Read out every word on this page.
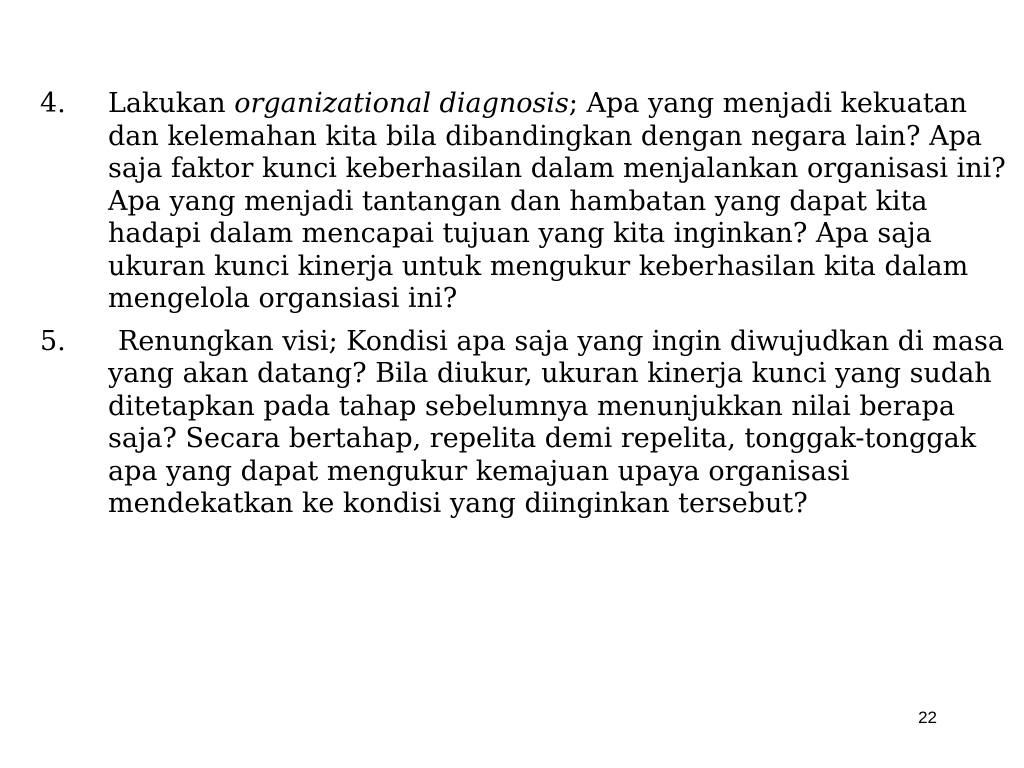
4.	Lakukan organizational diagnosis; Apa yang menjadi kekuatan dan kelemahan kita bila dibandingkan dengan negara lain? Apa saja faktor kunci keberhasilan dalam menjalankan organisasi ini? Apa yang menjadi tantangan dan hambatan yang dapat kita hadapi dalam mencapai tujuan yang kita inginkan? Apa saja ukuran kunci kinerja untuk mengukur keberhasilan kita dalam mengelola organsiasi ini?
5.	Renungkan visi; Kondisi apa saja yang ingin diwujudkan di masa yang akan datang? Bila diukur, ukuran kinerja kunci yang sudah ditetapkan pada tahap sebelumnya menunjukkan nilai berapa saja? Secara bertahap, repelita demi repelita, tonggak-tonggak apa yang dapat mengukur kemajuan upaya organisasi mendekatkan ke kondisi yang diinginkan tersebut?
22
